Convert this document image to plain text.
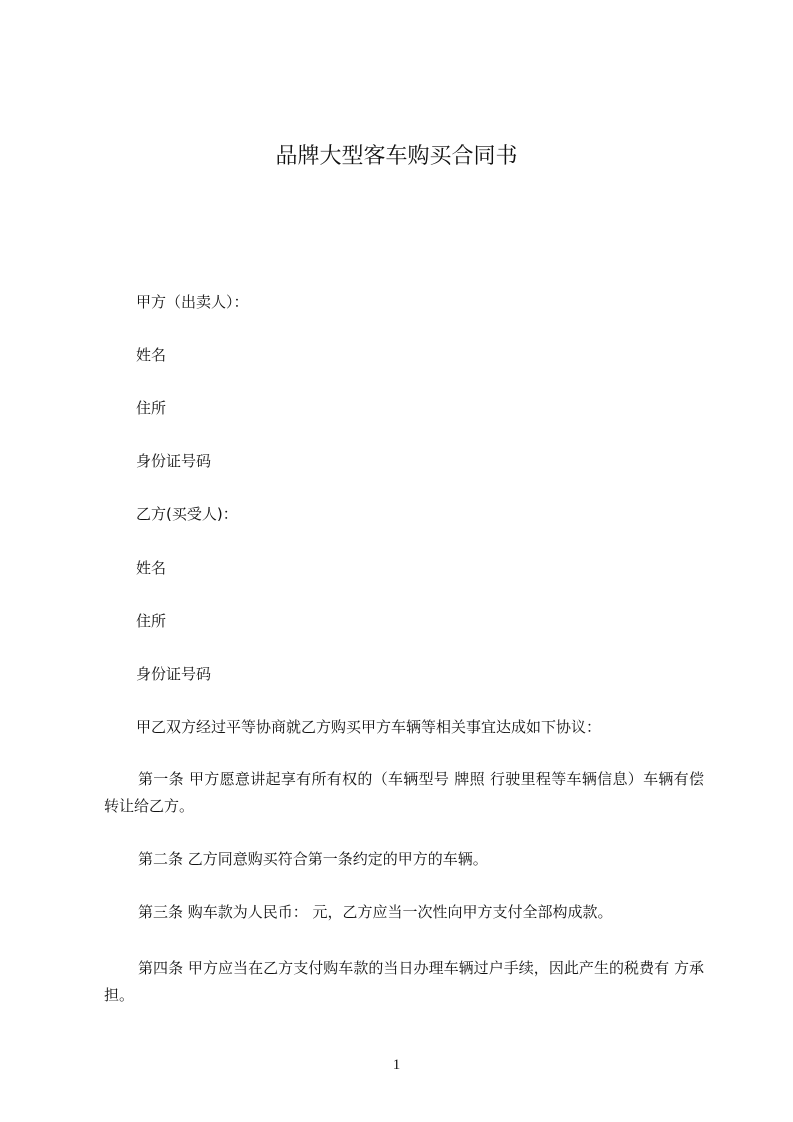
品牌大型客车购买合同书
甲方（出卖人）：
姓名
住所
身份证号码
乙方(买受人)：
姓名
住所
身份证号码
甲乙双方经过平等协商就乙方购买甲方车辆等相关事宜达成如下协议：
第一条 甲方愿意讲起享有所有权的（车辆型号 牌照 行驶里程等车辆信息）车辆有偿转让给乙方。
第二条 乙方同意购买符合第一条约定的甲方的车辆。
第三条 购车款为人民币： 元，乙方应当一次性向甲方支付全部构成款。
第四条 甲方应当在乙方支付购车款的当日办理车辆过户手续，因此产生的税费有 方承担。
1
